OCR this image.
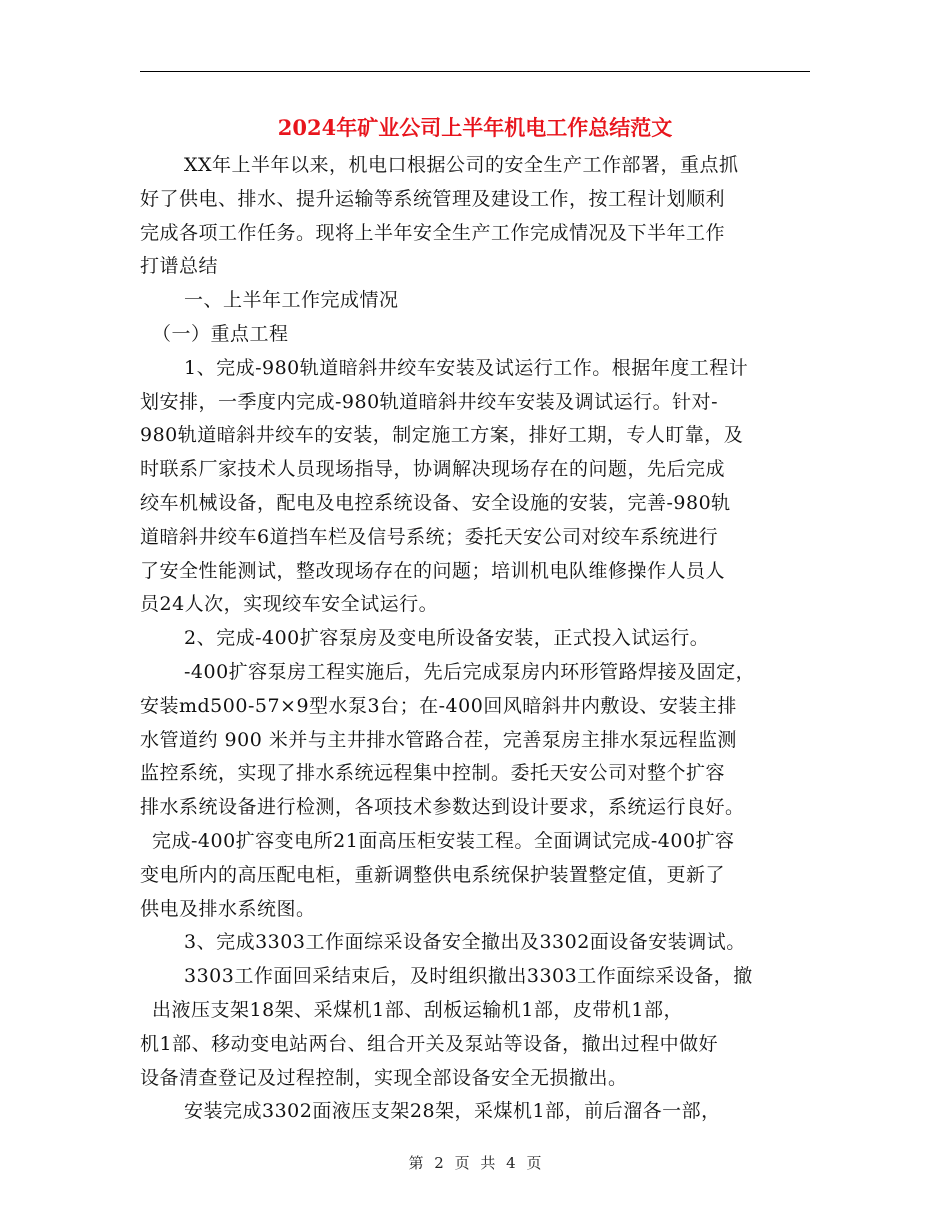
2024年矿业公司上半年机电工作总结范文
XX年上半年以来，机电口根据公司的安全生产工作部署，重点抓
好了供电、排水、提升运输等系统管理及建设工作，按工程计划顺利
完成各项工作任务。现将上半年安全生产工作完成情况及下半年工作
打谱总结
一、上半年工作完成情况
（一）重点工程
1、完成-980轨道暗斜井绞车安装及试运行工作。根据年度工程计
划安排，一季度内完成-980轨道暗斜井绞车安装及调试运行。针对-
980轨道暗斜井绞车的安装，制定施工方案，排好工期，专人盯靠，及
时联系厂家技术人员现场指导，协调解决现场存在的问题，先后完成
绞车机械设备，配电及电控系统设备、安全设施的安装，完善-980轨
道暗斜井绞车6道挡车栏及信号系统；委托天安公司对绞车系统进行
了安全性能测试，整改现场存在的问题；培训机电队维修操作人员人
员24人次，实现绞车安全试运行。
2、完成-400扩容泵房及变电所设备安装，正式投入试运行。
-400扩容泵房工程实施后，先后完成泵房内环形管路焊接及固定，
安装md500-57×9型水泵3台；在-400回风暗斜井内敷设、安装主排
水管道约 900 米并与主井排水管路合茬，完善泵房主排水泵远程监测
监控系统，实现了排水系统远程集中控制。委托天安公司对整个扩容
排水系统设备进行检测，各项技术参数达到设计要求，系统运行良好。
完成-400扩容变电所21面高压柜安装工程。全面调试完成-400扩容
变电所内的高压配电柜，重新调整供电系统保护装置整定值，更新了
供电及排水系统图。
3、完成3303工作面综采设备安全撤出及3302面设备安装调试。
3303工作面回采结束后，及时组织撤出3303工作面综采设备，撤
出液压支架18架、采煤机1部、刮板运输机1部，皮带机1部，
机1部、移动变电站两台、组合开关及泵站等设备，撤出过程中做好
设备清查登记及过程控制，实现全部设备安全无损撤出。
安装完成3302面液压支架28架，采煤机1部，前后溜各一部，
第 2 页 共 4 页
